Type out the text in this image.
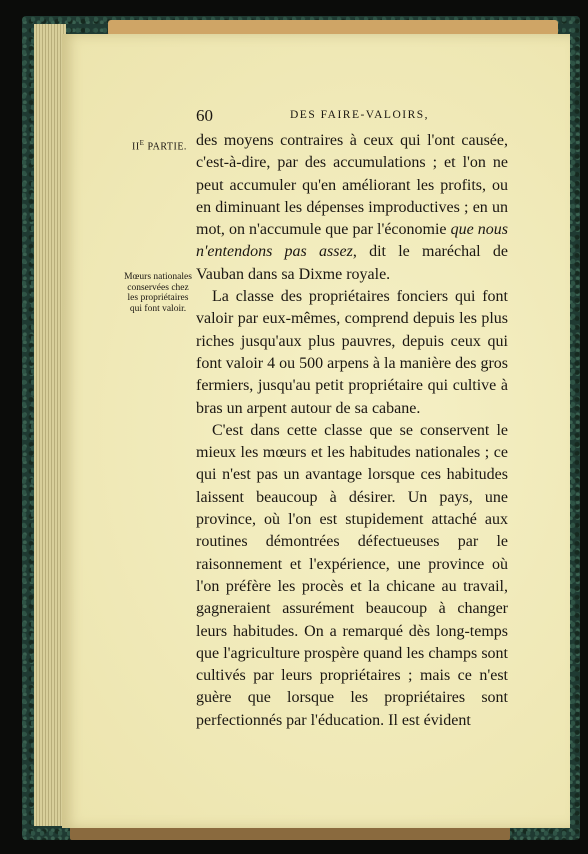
60	DES FAIRE-VALOIRS,
$II^E$ PARTIE.
Mœurs nationales conservées chez les propriétaires qui font valoir.

des moyens contraires à ceux qui l'ont causée, c'est-à-dire, par des accumulations ; et l'on ne peut accumuler qu'en améliorant les profits, ou en diminuant les dépenses improductives ; en un mot, on n'accumule que par l'économie que nous n'entendons pas assez, dit le maréchal de Vauban dans sa Dixme royale.

La classe des propriétaires fonciers qui font valoir par eux-mêmes, comprend depuis les plus riches jusqu'aux plus pauvres, depuis ceux qui font valoir 4 ou 500 arpens à la manière des gros fermiers, jusqu'au petit propriétaire qui cultive à bras un arpent autour de sa cabane.

C'est dans cette classe que se conservent le mieux les mœurs et les habitudes nationales ; ce qui n'est pas un avantage lorsque ces habitudes laissent beaucoup à désirer. Un pays, une province, où l'on est stupidement attaché aux routines démontrées défectueuses par le raisonnement et l'expérience, une province où l'on préfère les procès et la chicane au travail, gagneraient assurément beaucoup à changer leurs habitudes. On a remarqué dès long-temps que l'agriculture prospère quand les champs sont cultivés par leurs propriétaires ; mais ce n'est guère que lorsque les propriétaires sont perfectionnés par l'éducation. Il est évident
